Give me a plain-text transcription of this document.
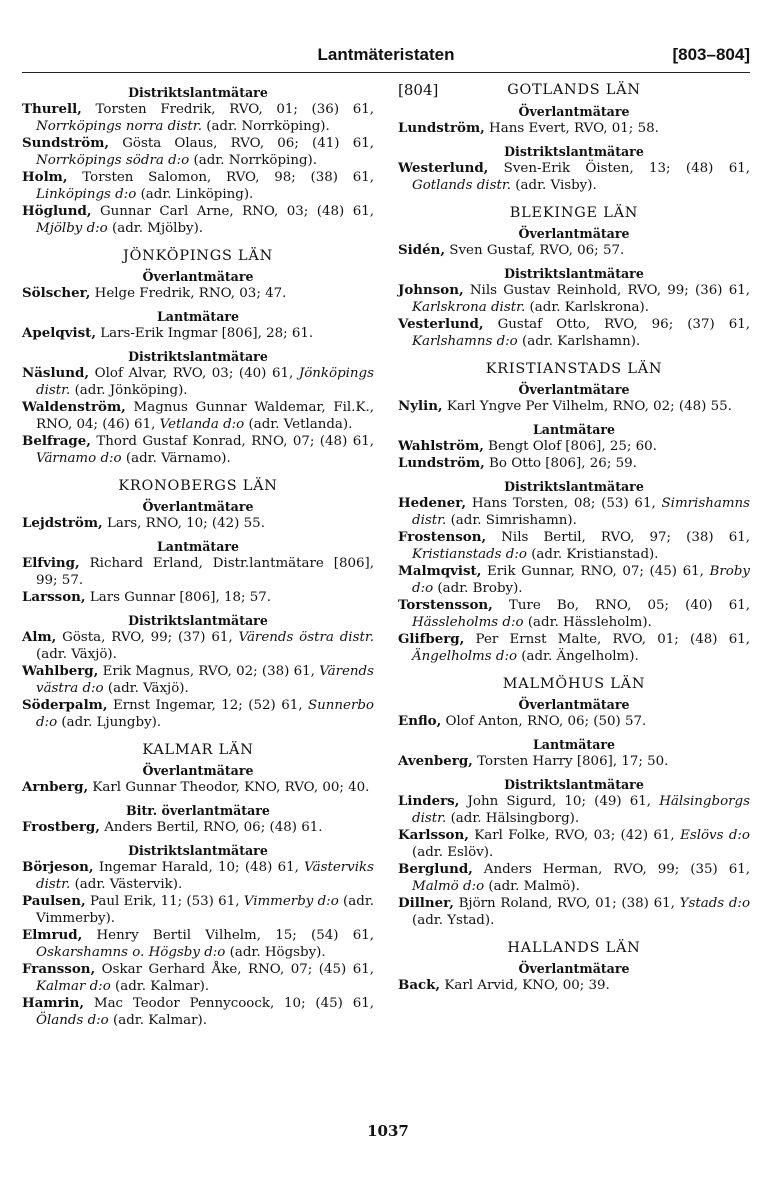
Lantmäteristaten	[803–804]
Distriktslantmätare

Thurell, Torsten Fredrik, RVO, 01; (36) 61, Norrköpings norra distr. (adr. Norrköping).

Sundström, Gösta Olaus, RVO, 06; (41) 61, Norrköpings södra d:o (adr. Norrköping).

Holm, Torsten Salomon, RVO, 98; (38) 61, Linköpings d:o (adr. Linköping).

Höglund, Gunnar Carl Arne, RNO, 03; (48) 61, Mjölby d:o (adr. Mjölby).

JÖNKÖPINGS LÄN
Överlantmätare

Sölscher, Helge Fredrik, RNO, 03; 47.

Lantmätare

Apelqvist, Lars-Erik Ingmar [806], 28; 61.

Distriktslantmätare

Näslund, Olof Alvar, RVO, 03; (40) 61, Jönköpings distr. (adr. Jönköping).

Waldenström, Magnus Gunnar Waldemar, Fil.K., RNO, 04; (46) 61, Vetlanda d:o (adr. Vetlanda).

Belfrage, Thord Gustaf Konrad, RNO, 07; (48) 61, Värnamo d:o (adr. Värnamo).

KRONOBERGS LÄN
Överlantmätare

Lejdström, Lars, RNO, 10; (42) 55.

Lantmätare

Elfving, Richard Erland, Distr.lantmätare [806], 99; 57.

Larsson, Lars Gunnar [806], 18; 57.

Distriktslantmätare

Alm, Gösta, RVO, 99; (37) 61, Värends östra distr. (adr. Växjö).

Wahlberg, Erik Magnus, RVO, 02; (38) 61, Värends västra d:o (adr. Växjö).

Söderpalm, Ernst Ingemar, 12; (52) 61, Sunnerbo d:o (adr. Ljungby).

KALMAR LÄN
Överlantmätare

Arnberg, Karl Gunnar Theodor, KNO, RVO, 00; 40.

Bitr. överlantmätare

Frostberg, Anders Bertil, RNO, 06; (48) 61.

Distriktslantmätare

Börjeson, Ingemar Harald, 10; (48) 61, Västerviks distr. (adr. Västervik).

Paulsen, Paul Erik, 11; (53) 61, Vimmerby d:o (adr. Vimmerby).

Elmrud, Henry Bertil Vilhelm, 15; (54) 61, Oskarshamns o. Högsby d:o (adr. Högsby).

Fransson, Oskar Gerhard Åke, RNO, 07; (45) 61, Kalmar d:o (adr. Kalmar).

Hamrin, Mac Teodor Pennycoock, 10; (45) 61, Ölands d:o (adr. Kalmar).

[804]	GOTLANDS LÄN
Överlantmätare

Lundström, Hans Evert, RVO, 01; 58.

Distriktslantmätare

Westerlund, Sven-Erik Öisten, 13; (48) 61, Gotlands distr. (adr. Visby).

BLEKINGE LÄN
Överlantmätare

Sidén, Sven Gustaf, RVO, 06; 57.

Distriktslantmätare

Johnson, Nils Gustav Reinhold, RVO, 99; (36) 61, Karlskrona distr. (adr. Karlskrona).

Vesterlund, Gustaf Otto, RVO, 96; (37) 61, Karlshamns d:o (adr. Karlshamn).

KRISTIANSTADS LÄN
Överlantmätare

Nylin, Karl Yngve Per Vilhelm, RNO, 02; (48) 55.

Lantmätare

Wahlström, Bengt Olof [806], 25; 60.

Lundström, Bo Otto [806], 26; 59.

Distriktslantmätare

Hedener, Hans Torsten, 08; (53) 61, Simrishamns distr. (adr. Simrishamn).

Frostenson, Nils Bertil, RVO, 97; (38) 61, Kristianstads d:o (adr. Kristianstad).

Malmqvist, Erik Gunnar, RNO, 07; (45) 61, Broby d:o (adr. Broby).

Torstensson, Ture Bo, RNO, 05; (40) 61, Hässleholms d:o (adr. Hässleholm).

Glifberg, Per Ernst Malte, RVO, 01; (48) 61, Ängelholms d:o (adr. Ängelholm).

MALMÖHUS LÄN
Överlantmätare

Enflo, Olof Anton, RNO, 06; (50) 57.

Lantmätare

Avenberg, Torsten Harry [806], 17; 50.

Distriktslantmätare

Linders, John Sigurd, 10; (49) 61, Hälsingborgs distr. (adr. Hälsingborg).

Karlsson, Karl Folke, RVO, 03; (42) 61, Eslövs d:o (adr. Eslöv).

Berglund, Anders Herman, RVO, 99; (35) 61, Malmö d:o (adr. Malmö).

Dillner, Björn Roland, RVO, 01; (38) 61, Ystads d:o (adr. Ystad).

HALLANDS LÄN
Överlantmätare

Back, Karl Arvid, KNO, 00; 39.

1037
